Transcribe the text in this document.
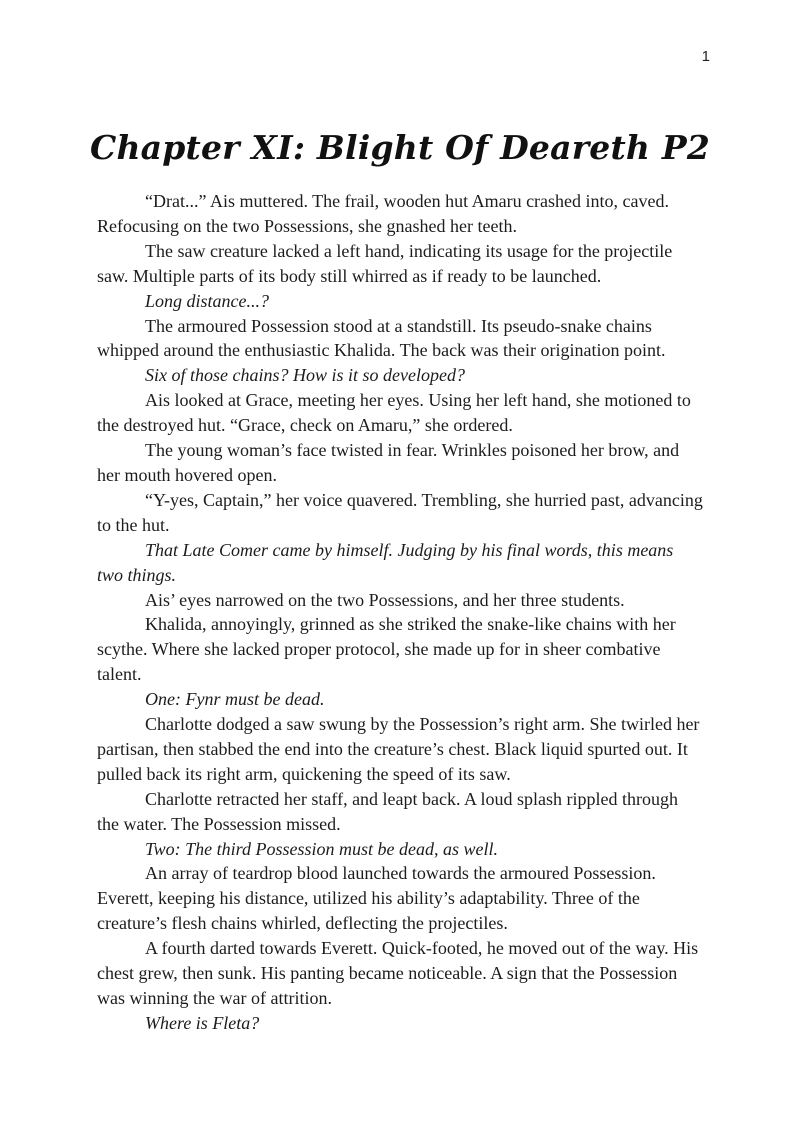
1
Chapter XI: Blight Of Deareth P2

“Drat...” Ais muttered. The frail, wooden hut Amaru crashed into, caved. Refocusing on the two Possessions, she gnashed her teeth.

The saw creature lacked a left hand, indicating its usage for the projectile saw. Multiple parts of its body still whirred as if ready to be launched.

Long distance...?

The armoured Possession stood at a standstill. Its pseudo-snake chains whipped around the enthusiastic Khalida. The back was their origination point.

Six of those chains? How is it so developed?

Ais looked at Grace, meeting her eyes. Using her left hand, she motioned to the destroyed hut. “Grace, check on Amaru,” she ordered.

The young woman’s face twisted in fear. Wrinkles poisoned her brow, and her mouth hovered open.

“Y-yes, Captain,” her voice quavered. Trembling, she hurried past, advancing to the hut.

That Late Comer came by himself. Judging by his final words, this means two things.

Ais’ eyes narrowed on the two Possessions, and her three students.

Khalida, annoyingly, grinned as she striked the snake-like chains with her scythe. Where she lacked proper protocol, she made up for in sheer combative talent.

One: Fynr must be dead.

Charlotte dodged a saw swung by the Possession’s right arm. She twirled her partisan, then stabbed the end into the creature’s chest. Black liquid spurted out. It pulled back its right arm, quickening the speed of its saw.

Charlotte retracted her staff, and leapt back. A loud splash rippled through the water. The Possession missed.

Two: The third Possession must be dead, as well.

An array of teardrop blood launched towards the armoured Possession. Everett, keeping his distance, utilized his ability’s adaptability. Three of the creature’s flesh chains whirled, deflecting the projectiles.

A fourth darted towards Everett. Quick-footed, he moved out of the way. His chest grew, then sunk. His panting became noticeable. A sign that the Possession was winning the war of attrition.

Where is Fleta?
